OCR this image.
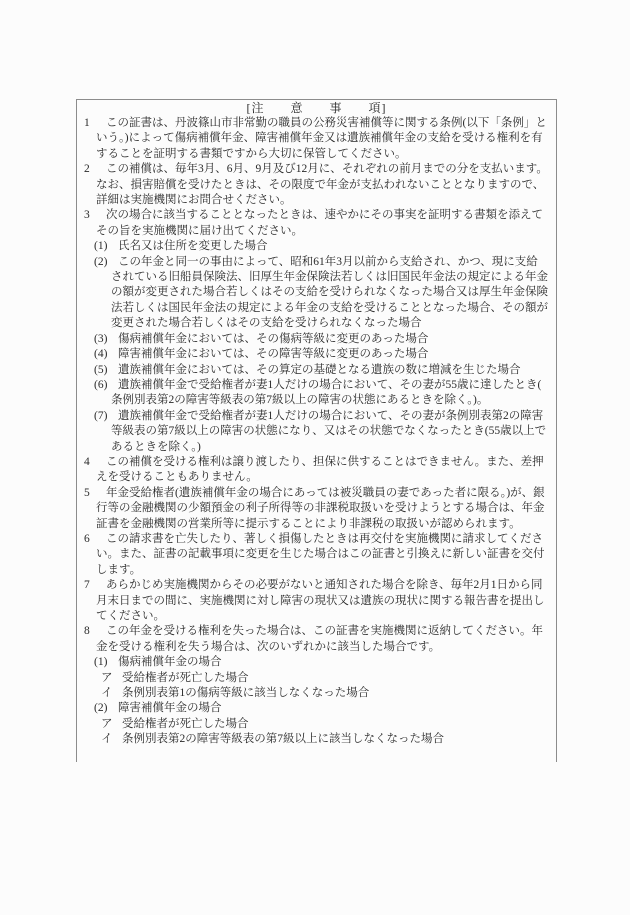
[注　　意　　事　　項]

1 この証書は、丹波篠山市非常勤の職員の公務災害補償等に関する条例(以下「条例」という。)によって傷病補償年金、障害補償年金又は遺族補償年金の支給を受ける権利を有することを証明する書類ですから大切に保管してください。

2 この補償は、毎年3月、6月、9月及び12月に、それぞれの前月までの分を支払います。なお、損害賠償を受けたときは、その限度で年金が支払われないこととなりますので、詳細は実施機関にお問合せください。

3 次の場合に該当することとなったときは、速やかにその事実を証明する書類を添えてその旨を実施機関に届け出てください。

(1) 氏名又は住所を変更した場合

(2) この年金と同一の事由によって、昭和61年3月以前から支給され、かつ、現に支給されている旧船員保険法、旧厚生年金保険法若しくは旧国民年金法の規定による年金の額が変更された場合若しくはその支給を受けられなくなった場合又は厚生年金保険法若しくは国民年金法の規定による年金の支給を受けることとなった場合、その額が変更された場合若しくはその支給を受けられなくなった場合

(3) 傷病補償年金においては、その傷病等級に変更のあった場合

(4) 障害補償年金においては、その障害等級に変更のあった場合

(5) 遺族補償年金においては、その算定の基礎となる遺族の数に増減を生じた場合

(6) 遺族補償年金で受給権者が妻1人だけの場合において、その妻が55歳に達したとき(条例別表第2の障害等級表の第7級以上の障害の状態にあるときを除く。)。

(7) 遺族補償年金で受給権者が妻1人だけの場合において、その妻が条例別表第2の障害等級表の第7級以上の障害の状態になり、又はその状態でなくなったとき(55歳以上であるときを除く。)

4 この補償を受ける権利は譲り渡したり、担保に供することはできません。また、差押えを受けることもありません。

5 年金受給権者(遺族補償年金の場合にあっては被災職員の妻であった者に限る。)が、銀行等の金融機関の少額預金の利子所得等の非課税取扱いを受けようとする場合は、年金証書を金融機関の営業所等に提示することにより非課税の取扱いが認められます。

6 この請求書を亡失したり、著しく損傷したときは再交付を実施機関に請求してください。また、証書の記載事項に変更を生じた場合はこの証書と引換えに新しい証書を交付します。

7 あらかじめ実施機関からその必要がないと通知された場合を除き、毎年2月1日から同月末日までの間に、実施機関に対し障害の現状又は遺族の現状に関する報告書を提出してください。

8 この年金を受ける権利を失った場合は、この証書を実施機関に返納してください。年金を受ける権利を失う場合は、次のいずれかに該当した場合です。

(1) 傷病補償年金の場合

ア 受給権者が死亡した場合

イ 条例別表第1の傷病等級に該当しなくなった場合

(2) 障害補償年金の場合

ア 受給権者が死亡した場合

イ 条例別表第2の障害等級表の第7級以上に該当しなくなった場合
